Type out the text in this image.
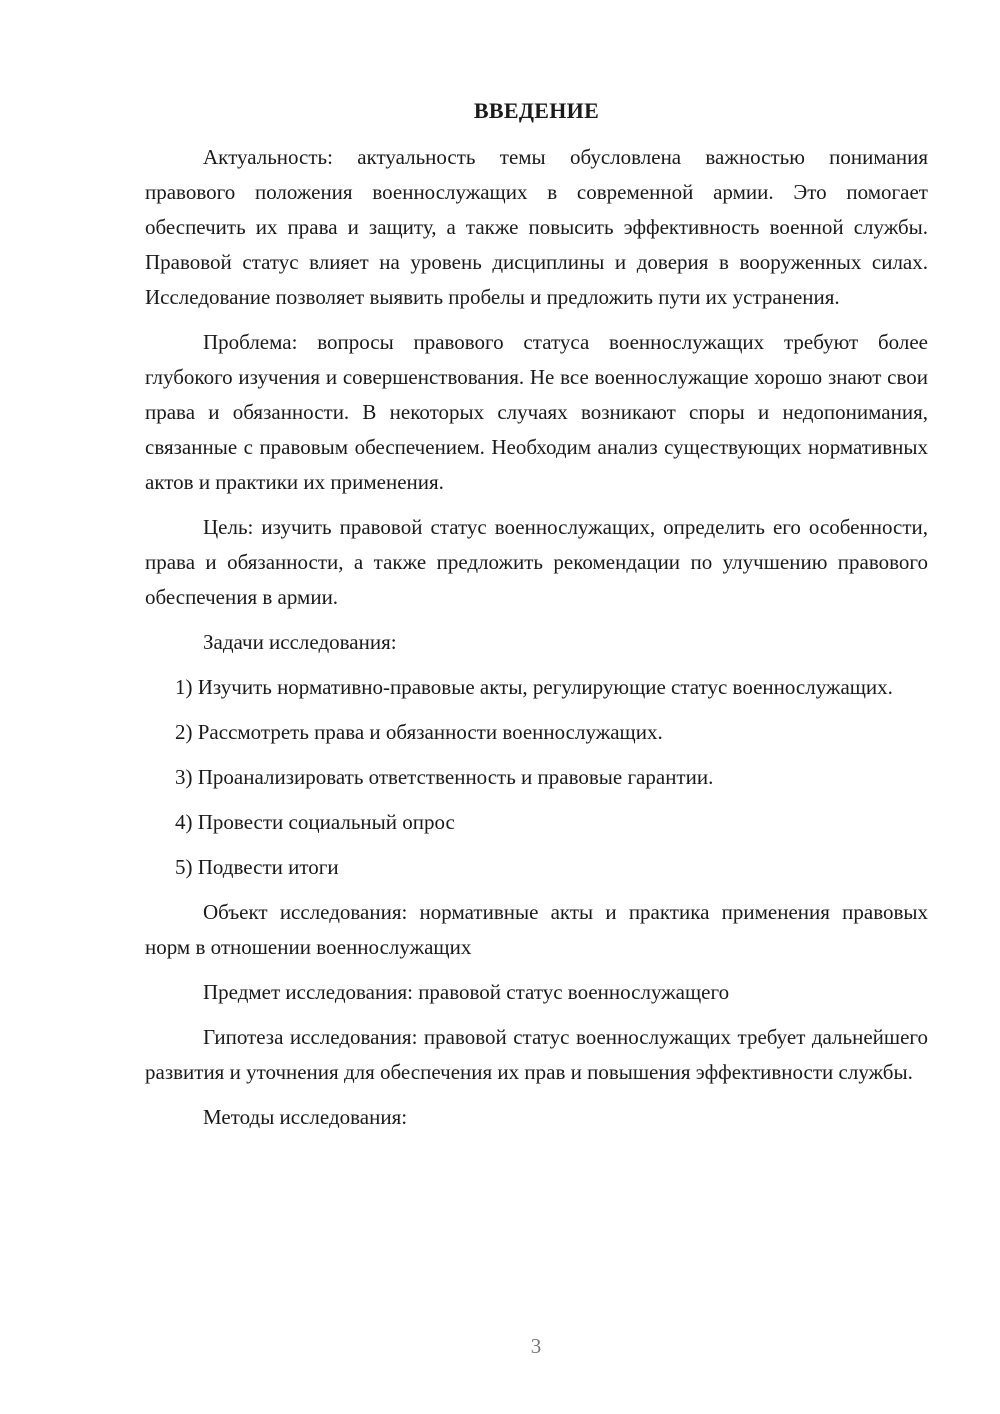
ВВЕДЕНИЕ

Актуальность: актуальность темы обусловлена важностью понимания правового положения военнослужащих в современной армии. Это помогает обеспечить их права и защиту, а также повысить эффективность военной службы. Правовой статус влияет на уровень дисциплины и доверия в вооруженных силах. Исследование позволяет выявить пробелы и предложить пути их устранения.

Проблема: вопросы правового статуса военнослужащих требуют более глубокого изучения и совершенствования. Не все военнослужащие хорошо знают свои права и обязанности. В некоторых случаях возникают споры и недопонимания, связанные с правовым обеспечением. Необходим анализ существующих нормативных актов и практики их применения.

Цель: изучить правовой статус военнослужащих, определить его особенности, права и обязанности, а также предложить рекомендации по улучшению правового обеспечения в армии.

Задачи исследования:

1) Изучить нормативно-правовые акты, регулирующие статус военнослужащих.

2) Рассмотреть права и обязанности военнослужащих.

3) Проанализировать ответственность и правовые гарантии.

4) Провести социальный опрос

5) Подвести итоги

Объект исследования: нормативные акты и практика применения правовых норм в отношении военнослужащих

Предмет исследования: правовой статус военнослужащего

Гипотеза исследования: правовой статус военнослужащих требует дальнейшего развития и уточнения для обеспечения их прав и повышения эффективности службы.

Методы исследования:

3
